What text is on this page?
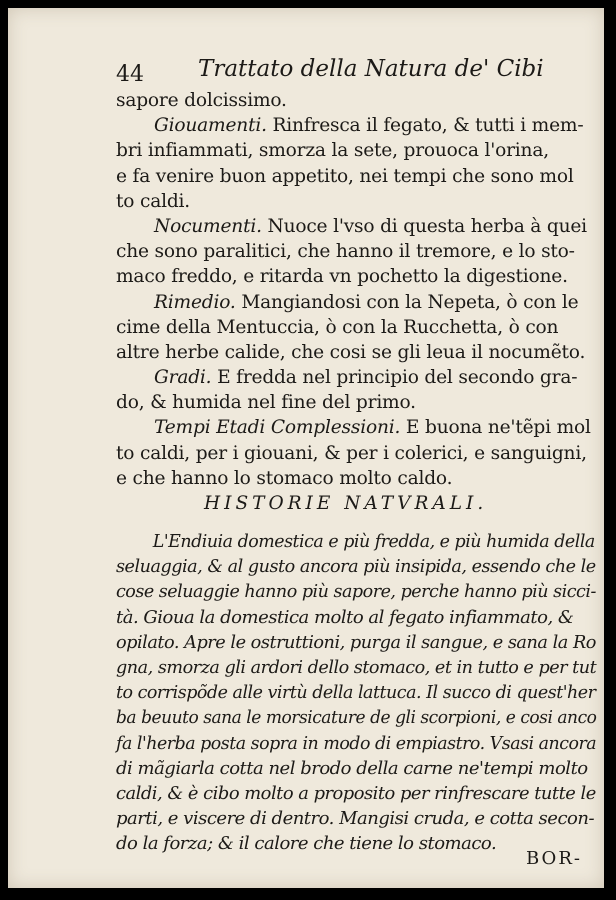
44 Trattato della Natura de' Cibi
sapore dolcissimo.
Giouamenti. Rinfresca il fegato, & tutti i mem-
bri infiammati, smorza la sete, prouoca l'orina,
e fa venire buon appetito, nei tempi che sono mol
to caldi.
Nocumenti. Nuoce l'vso di questa herba à quei
che sono paralitici, che hanno il tremore, e lo sto-
maco freddo, e ritarda vn pochetto la digestione.
Rimedio. Mangiandosi con la Nepeta, ò con le
cime della Mentuccia, ò con la Rucchetta, ò con
altre herbe calide, che cosi se gli leua il nocumẽto.
Gradi. E fredda nel principio del secondo gra-
do, & humida nel fine del primo.
Tempi Etadi Complessioni. E buona ne'tẽpi mol
to caldi, per i giouani, & per i colerici, e sanguigni,
e che hanno lo stomaco molto caldo.
HISTORIE NATVRALI.
L'Endiuia domestica e più fredda, e più humida della
seluaggia, & al gusto ancora più insipida, essendo che le
cose seluaggie hanno più sapore, perche hanno più sicci-
tà. Gioua la domestica molto al fegato infiammato, &
opilato. Apre le ostruttioni, purga il sangue, e sana la Ro
gna, smorza gli ardori dello stomaco, et in tutto e per tut
to corrispõde alle virtù della lattuca. Il succo di quest'her
ba beuuto sana le morsicature de gli scorpioni, e cosi anco
fa l'herba posta sopra in modo di empiastro. Vsasi ancora
di mãgiarla cotta nel brodo della carne ne'tempi molto
caldi, & è cibo molto a proposito per rinfrescare tutte le
parti, e viscere di dentro. Mangisi cruda, e cotta secon-
do la forza; & il calore che tiene lo stomaco.
BOR-
